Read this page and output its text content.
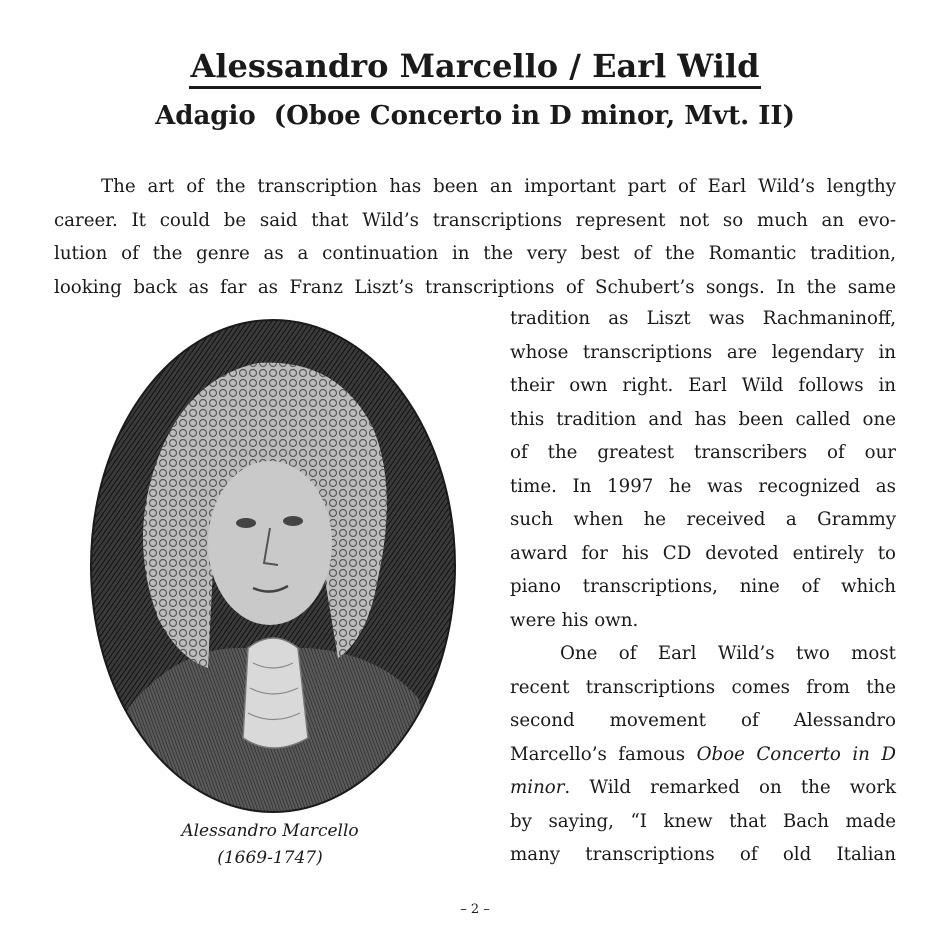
Alessandro Marcello / Earl Wild
Adagio  (Oboe Concerto in D minor, Mvt. II)
The art of the transcription has been an important part of Earl Wild’s lengthy
career. It could be said that Wild’s transcriptions represent not so much an evo-
lution of the genre as a continuation in the very best of the Romantic tradition,
looking back as far as Franz Liszt’s transcriptions of Schubert’s songs. In the same
tradition as Liszt was Rachmaninoff,
whose transcriptions are legendary in
their own right. Earl Wild follows in
this tradition and has been called one
of the greatest transcribers of our
time. In 1997 he was recognized as
such when he received a Grammy
award for his CD devoted entirely to
piano transcriptions, nine of which
were his own.
One of Earl Wild’s two most
recent transcriptions comes from the
second movement of Alessandro
Marcello’s famous Oboe Concerto in D
minor. Wild remarked on the work
by saying, “I knew that Bach made
many transcriptions of old Italian
Alessandro Marcello
(1669-1747)
– 2 –
